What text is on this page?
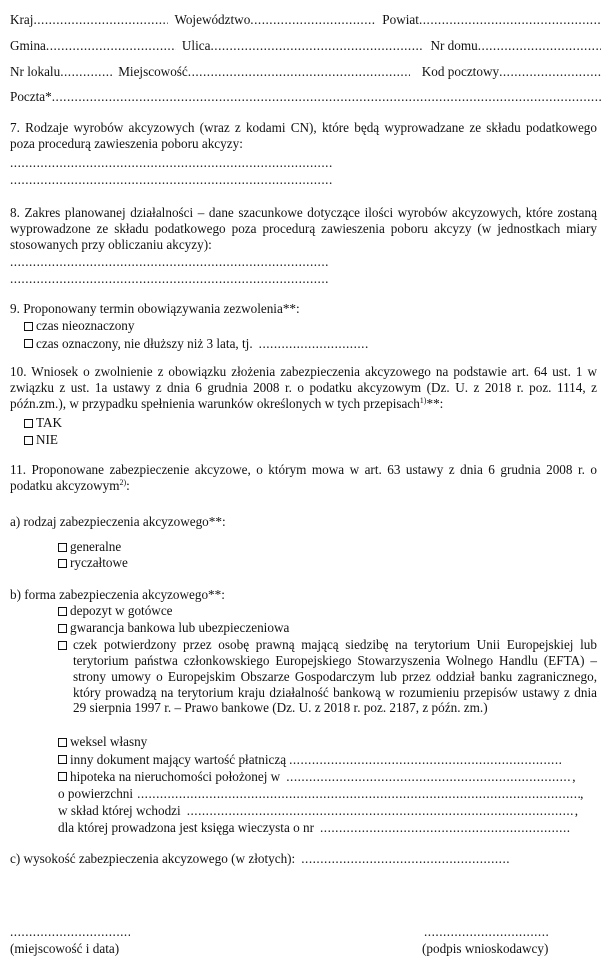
Kraj .....	Województwo .....	Powiat
.....
Gmina .....	Ulica .....	Nr domu
.....
Nr lokalu .....	Miejscowość .....	Kod pocztowy
.....
Poczta*
.....
7. Rodzaje wyrobów akcyzowych (wraz z kodami CN), które będą wyprowadzane ze składu podatkowego poza procedurą zawieszenia poboru akcyzy:
.....
.....
8. Zakres planowanej działalności – dane szacunkowe dotyczące ilości wyrobów akcyzowych, które zostaną wyprowadzone ze składu podatkowego poza procedurą zawieszenia poboru akcyzy (w jednostkach miary stosowanych przy obliczaniu akcyzy):
.....
.....
9. Proponowany termin obowiązywania zezwolenia**:
czas nieoznaczony
czas oznaczony, nie dłuższy niż 3 lata, tj.
.....
10. Wniosek o zwolnienie z obowiązku złożenia zabezpieczenia akcyzowego na podstawie art. 64 ust. 1 w związku z ust. 1a ustawy z dnia 6 grudnia 2008 r. o podatku akcyzowym (Dz. U. z 2018 r. poz. 1114, z późn.zm.), w przypadku spełnienia warunków określonych w tych przepisach$^{1)}$**:
TAK
NIE
11. Proponowane zabezpieczenie akcyzowe, o którym mowa w art. 63 ustawy z dnia 6 grudnia 2008 r. o podatku akcyzowym$^{2)}$:
a) rodzaj zabezpieczenia akcyzowego**:
generalne
ryczałtowe
b) forma zabezpieczenia akcyzowego**:
depozyt w gotówce
gwarancja bankowa lub ubezpieczeniowa
czek potwierdzony przez osobę prawną mającą siedzibę na terytorium Unii Europejskiej lub terytorium państwa członkowskiego Europejskiego Stowarzyszenia Wolnego Handlu (EFTA) – strony umowy o Europejskim Obszarze Gospodarczym lub przez oddział banku zagranicznego, który prowadzą na terytorium kraju działalność bankową w rozumieniu przepisów ustawy z dnia 29 sierpnia 1997 r. – Prawo bankowe (Dz. U. z 2018 r. poz. 2187, z późn. zm.)
weksel własny
inny dokument mający wartość płatniczą
.....
hipoteka na nieruchomości położonej w .....	,
o powierzchni .....	,
w skład której wchodzi .....	,
dla której prowadzona jest księga wieczysta o nr
.....
c) wysokość zabezpieczenia akcyzowego (w złotych):
.....
.....
(miejscowość i data)
.....	(podpis wnioskodawcy)
